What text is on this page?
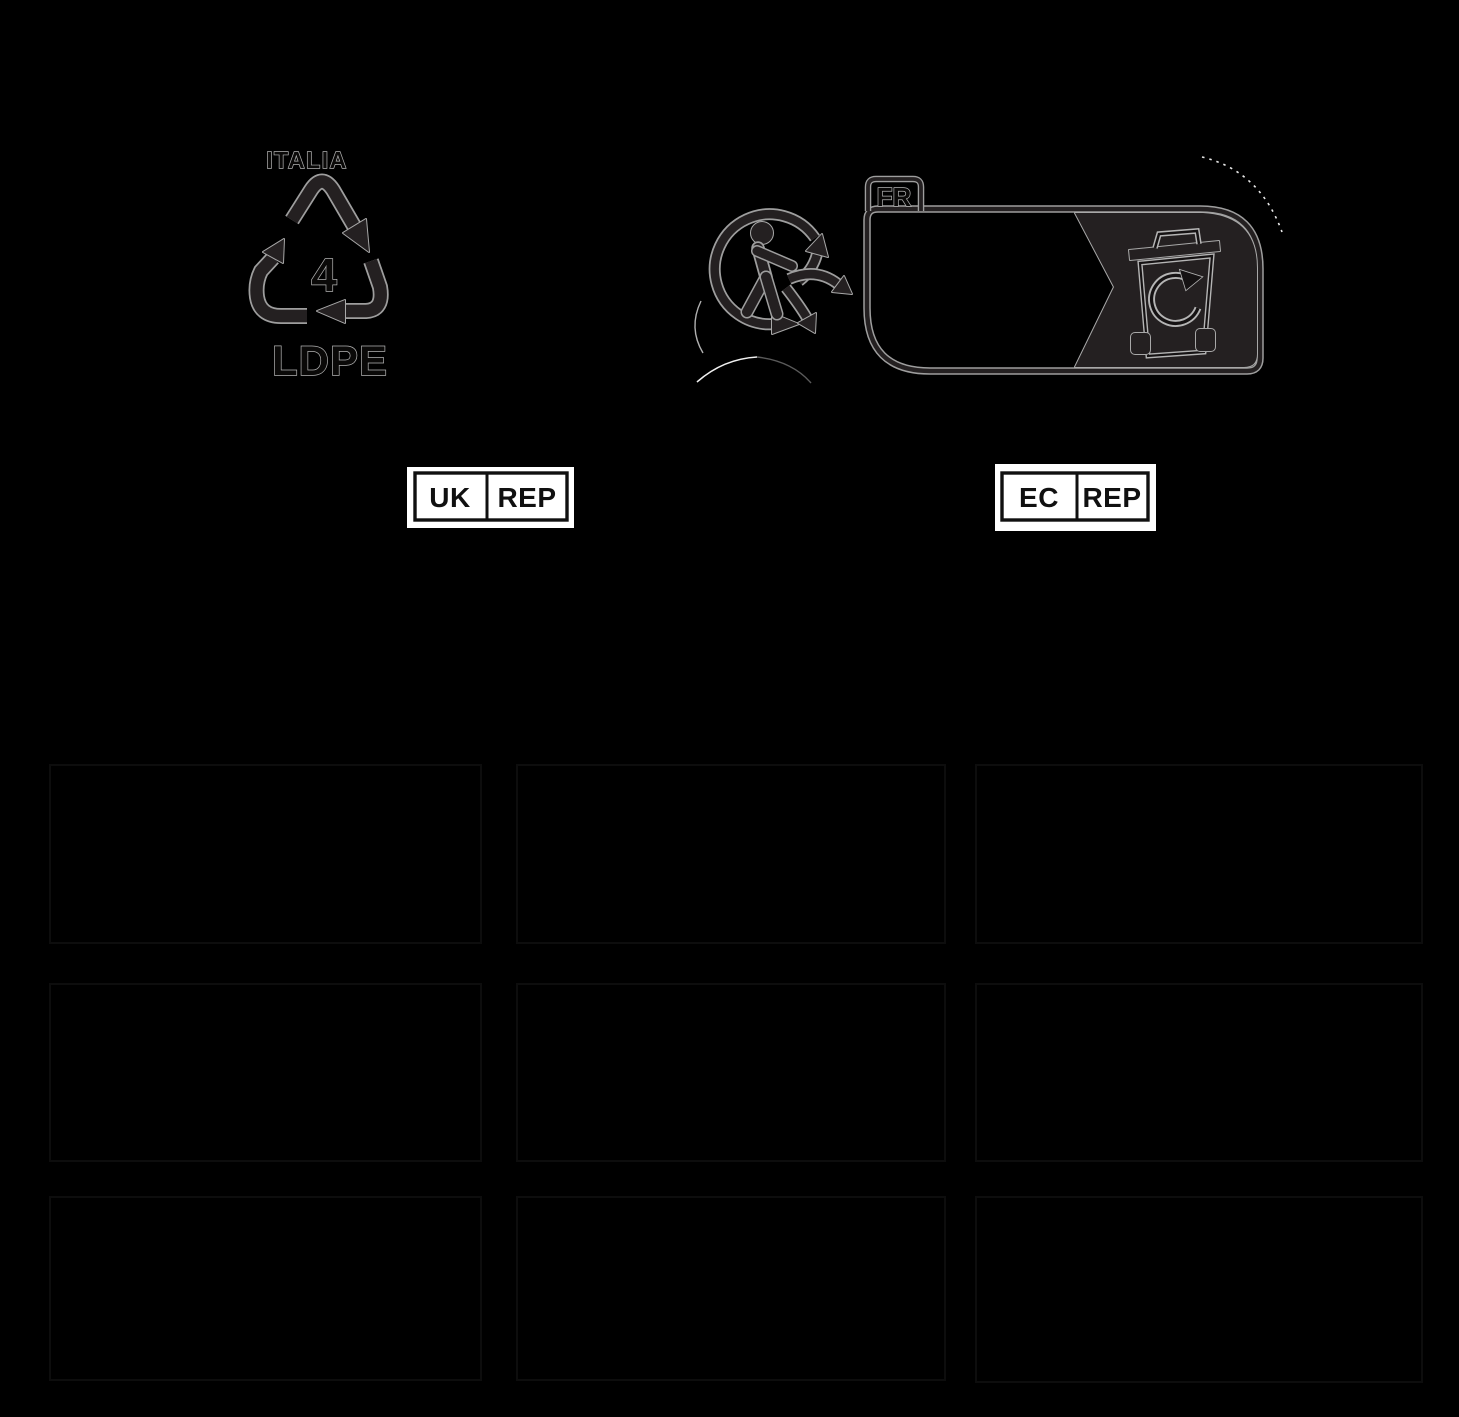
ITALIA
4
LDPE
FR
UK REP	EC REP
